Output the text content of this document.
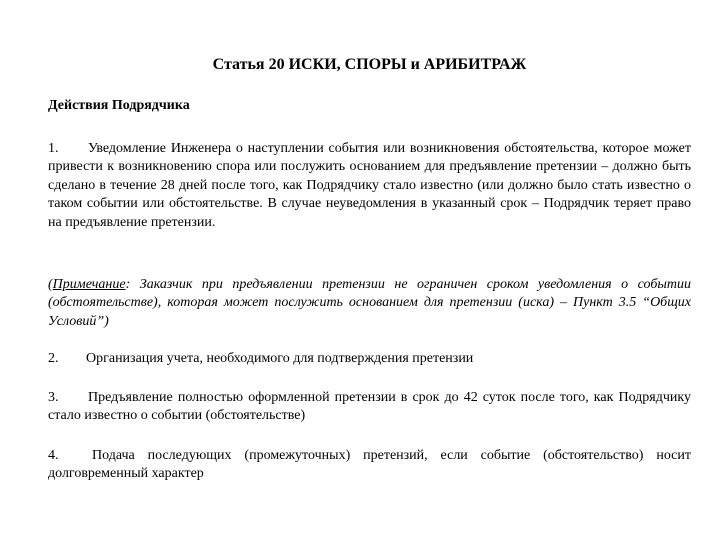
Статья 20 ИСКИ, СПОРЫ и АРИБИТРАЖ
Действия Подрядчика

1. Уведомление Инженера о наступлении события или возникновения обстоятельства, которое может привести к возникновению спора или послужить основанием для предъявление претензии – должно быть сделано в течение 28 дней после того, как Подрядчику стало известно (или должно было стать известно о таком событии или обстоятельстве. В случае неуведомления в указанный срок – Подрядчик теряет право на предъявление претензии.

(Примечание: Заказчик при предъявлении претензии не ограничен сроком уведомления о событии (обстоятельстве), которая может послужить основанием для претензии (иска) – Пункт 3.5 “Общих Условий”)

2. Организация учета, необходимого для подтверждения претензии

3. Предъявление полностью оформленной претензии в срок до 42 суток после того, как Подрядчику стало известно о событии (обстоятельстве)

4. Подача последующих (промежуточных) претензий, если событие (обстоятельство) носит долговременный характер
